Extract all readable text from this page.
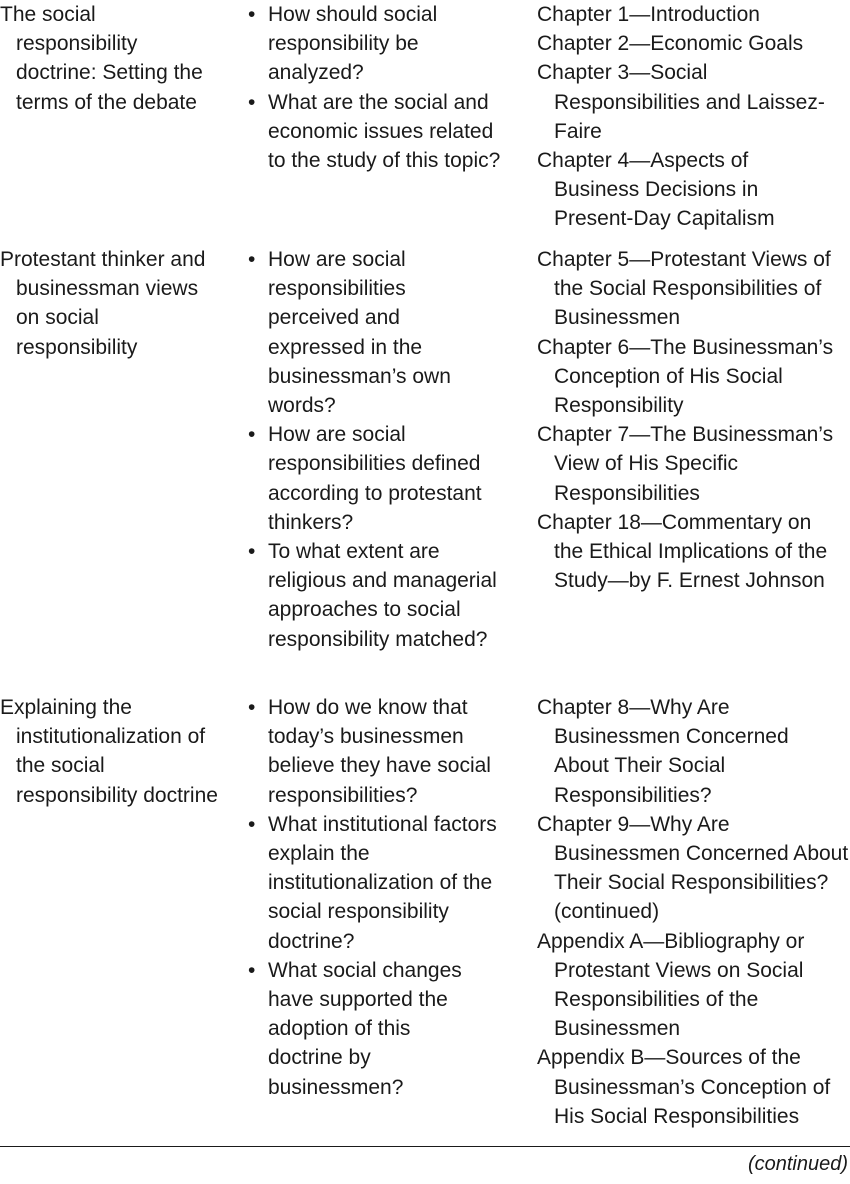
The social responsibility doctrine: Setting the terms of the debate

• How should social responsibility be analyzed?
• What are the social and economic issues related to the study of this topic?
Chapter 1—Introduction
Chapter 2—Economic Goals
Chapter 3—Social Responsibilities and Laissez-Faire
Chapter 4—Aspects of Business Decisions in Present-Day Capitalism

Protestant thinker and businessman views on social responsibility

• How are social responsibilities perceived and expressed in the businessman’s own words?
• How are social responsibilities defined according to protestant thinkers?
• To what extent are religious and managerial approaches to social responsibility matched?
Chapter 5—Protestant Views of the Social Responsibilities of Businessmen
Chapter 6—The Businessman’s Conception of His Social Responsibility
Chapter 7—The Businessman’s View of His Specific Responsibilities
Chapter 18—Commentary on the Ethical Implications of the Study—by F. Ernest Johnson

Explaining the institutionalization of the social responsibility doctrine

• How do we know that today’s businessmen believe they have social responsibilities?
• What institutional factors explain the institutionalization of the social responsibility doctrine?
• What social changes have supported the adoption of this doctrine by businessmen?
Chapter 8—Why Are Businessmen Concerned About Their Social Responsibilities?
Chapter 9—Why Are Businessmen Concerned About Their Social Responsibilities? (continued)
Appendix A—Bibliography or Protestant Views on Social Responsibilities of the Businessmen
Appendix B—Sources of the Businessman’s Conception of His Social Responsibilities
(continued)
